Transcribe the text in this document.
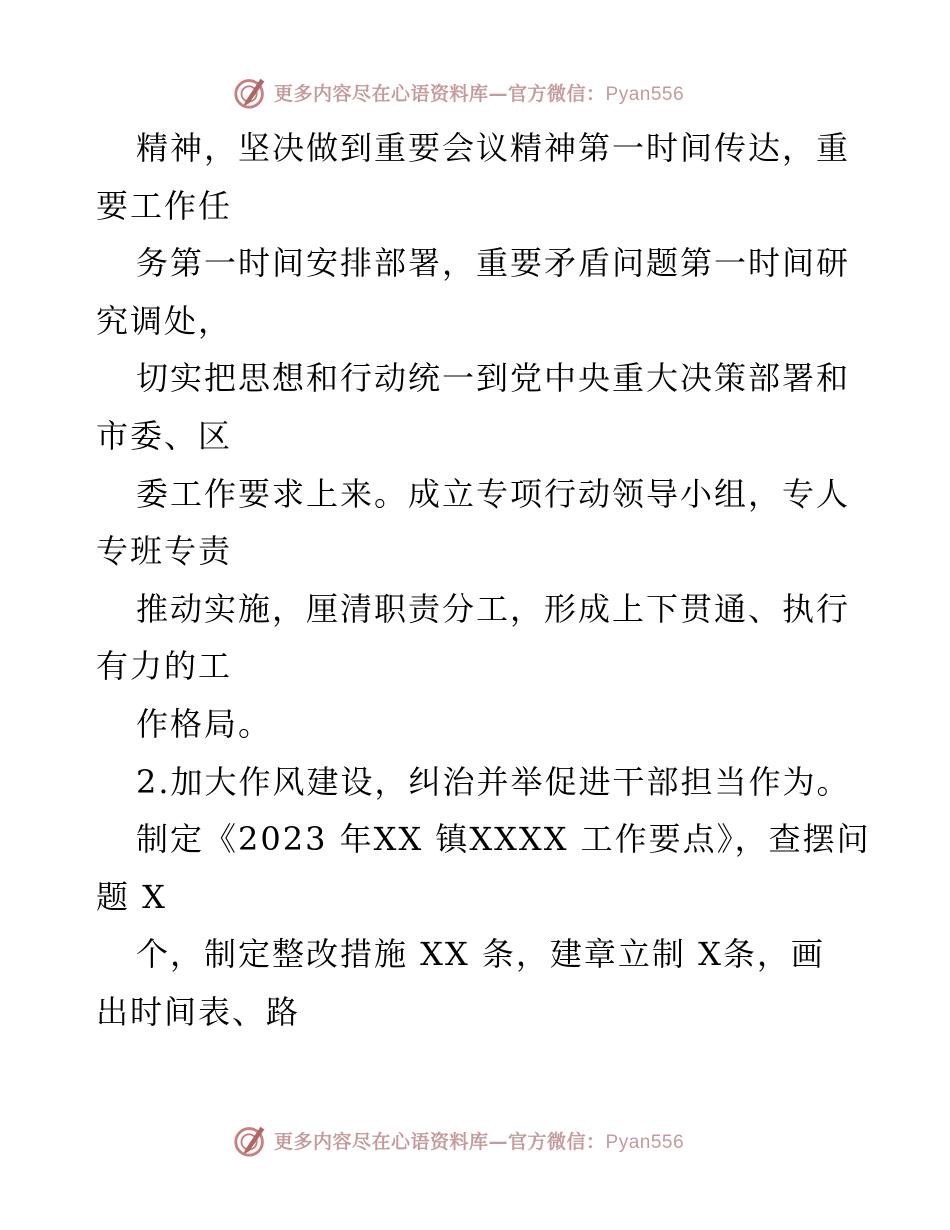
更多内容尽在心语资料库—官方微信：Pyan556
精神，坚决做到重要会议精神第一时间传达，重
要工作任
务第一时间安排部署，重要矛盾问题第一时间研
究调处，
切实把思想和行动统一到党中央重大决策部署和
市委、区
委工作要求上来。成立专项行动领导小组，专人
专班专责
推动实施，厘清职责分工，形成上下贯通、执行
有力的工
作格局。
2.加大作风建设，纠治并举促进干部担当作为。
制定《2023 年XX 镇XXXX 工作要点》，查摆问
题 X
个，制定整改措施 XX 条，建章立制 X条，画
出时间表、路
更多内容尽在心语资料库—官方微信：Pyan556
